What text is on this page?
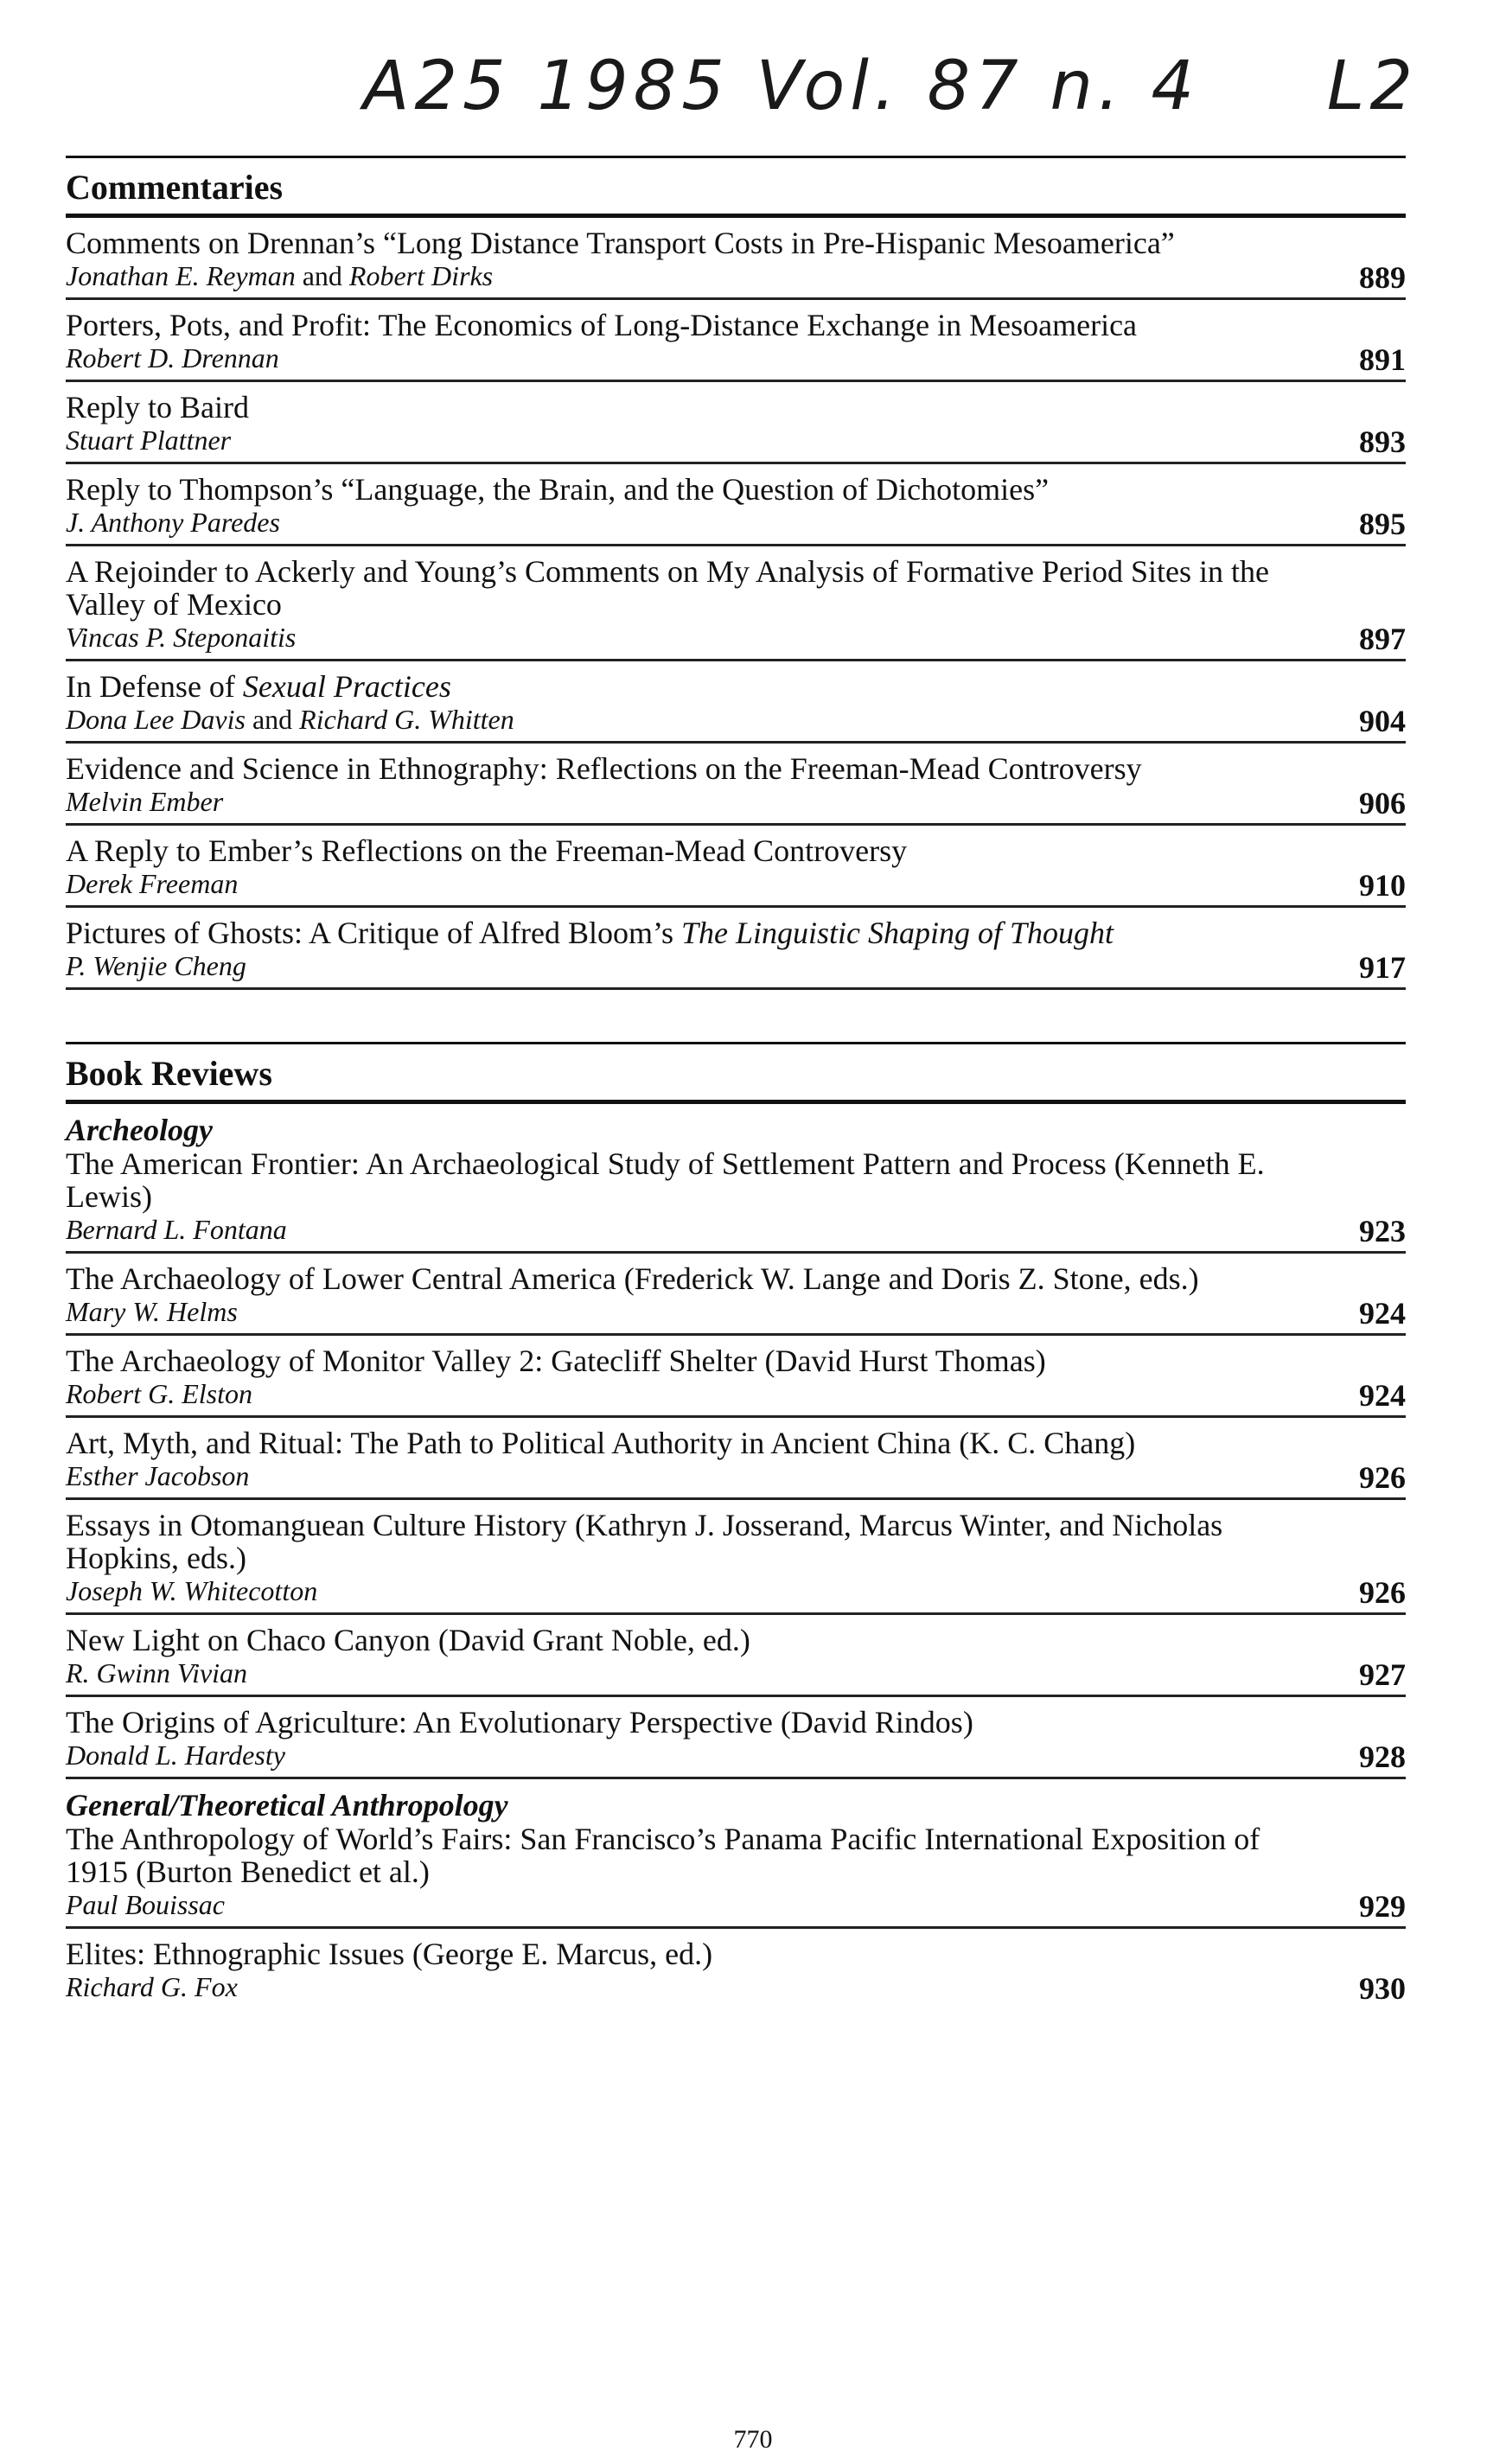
A25 1985 Vol. 87 n. 4	L2
Commentaries
Comments on Drennan’s “Long Distance Transport Costs in Pre-Hispanic Mesoamerica”
Jonathan E. Reyman and Robert Dirks	889
Porters, Pots, and Profit: The Economics of Long-Distance Exchange in Mesoamerica
Robert D. Drennan	891
Reply to Baird
Stuart Plattner	893
Reply to Thompson’s “Language, the Brain, and the Question of Dichotomies”
J. Anthony Paredes	895
A Rejoinder to Ackerly and Young’s Comments on My Analysis of Formative Period Sites in the Valley of Mexico
Vincas P. Steponaitis	897
In Defense of Sexual Practices
Dona Lee Davis and Richard G. Whitten	904
Evidence and Science in Ethnography: Reflections on the Freeman-Mead Controversy
Melvin Ember	906
A Reply to Ember’s Reflections on the Freeman-Mead Controversy
Derek Freeman	910
Pictures of Ghosts: A Critique of Alfred Bloom’s The Linguistic Shaping of Thought
P. Wenjie Cheng	917
Book Reviews
Archeology
The American Frontier: An Archaeological Study of Settlement Pattern and Process (Kenneth E. Lewis)
Bernard L. Fontana	923
The Archaeology of Lower Central America (Frederick W. Lange and Doris Z. Stone, eds.)
Mary W. Helms	924
The Archaeology of Monitor Valley 2: Gatecliff Shelter (David Hurst Thomas)
Robert G. Elston	924
Art, Myth, and Ritual: The Path to Political Authority in Ancient China (K. C. Chang)
Esther Jacobson	926
Essays in Otomanguean Culture History (Kathryn J. Josserand, Marcus Winter, and Nicholas Hopkins, eds.)
Joseph W. Whitecotton	926
New Light on Chaco Canyon (David Grant Noble, ed.)
R. Gwinn Vivian	927
The Origins of Agriculture: An Evolutionary Perspective (David Rindos)
Donald L. Hardesty	928
General/Theoretical Anthropology
The Anthropology of World’s Fairs: San Francisco’s Panama Pacific International Exposition of 1915 (Burton Benedict et al.)
Paul Bouissac	929
Elites: Ethnographic Issues (George E. Marcus, ed.)
Richard G. Fox	930
770
